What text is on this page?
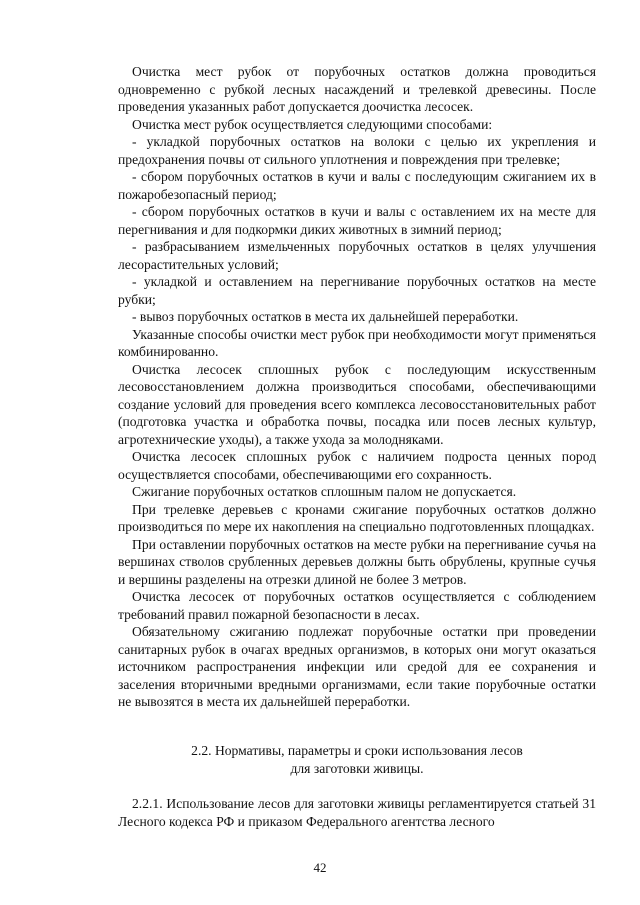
Очистка мест рубок от порубочных остатков должна проводиться одновременно с рубкой лесных насаждений и трелевкой древесины. После проведения указанных работ допускается доочистка лесосек.

Очистка мест рубок осуществляется следующими способами:

- укладкой порубочных остатков на волоки с целью их укрепления и предохранения почвы от сильного уплотнения и повреждения при трелевке;

- сбором порубочных остатков в кучи и валы с последующим сжиганием их в пожаробезопасный период;

- сбором порубочных остатков в кучи и валы с оставлением их на месте для перегнивания и для подкормки диких животных в зимний период;

- разбрасыванием измельченных порубочных остатков в целях улучшения лесорастительных условий;

- укладкой и оставлением на перегнивание порубочных остатков на месте рубки;

- вывоз порубочных остатков в места их дальнейшей переработки.

Указанные способы очистки мест рубок при необходимости могут применяться комбинированно.

Очистка лесосек сплошных рубок с последующим искусственным лесовосстановлением должна производиться способами, обеспечивающими создание условий для проведения всего комплекса лесовосстановительных работ (подготовка участка и обработка почвы, посадка или посев лесных культур, агротехнические уходы), а также ухода за молодняками.

Очистка лесосек сплошных рубок с наличием подроста ценных пород осуществляется способами, обеспечивающими его сохранность.

Сжигание порубочных остатков сплошным палом не допускается.

При трелевке деревьев с кронами сжигание порубочных остатков должно производиться по мере их накопления на специально подготовленных площадках.

При оставлении порубочных остатков на месте рубки на перегнивание сучья на вершинах стволов срубленных деревьев должны быть обрублены, крупные сучья и вершины разделены на отрезки длиной не более 3 метров.

Очистка лесосек от порубочных остатков осуществляется с соблюдением требований правил пожарной безопасности в лесах.

Обязательному сжиганию подлежат порубочные остатки при проведении санитарных рубок в очагах вредных организмов, в которых они могут оказаться источником распространения инфекции или средой для ее сохранения и заселения вторичными вредными организмами, если такие порубочные остатки не вывозятся в места их дальнейшей переработки.

2.2. Нормативы, параметры и сроки использования лесов
для заготовки живицы.

2.2.1. Использование лесов для заготовки живицы регламентируется статьей 31 Лесного кодекса РФ и приказом Федерального агентства лесного

42
